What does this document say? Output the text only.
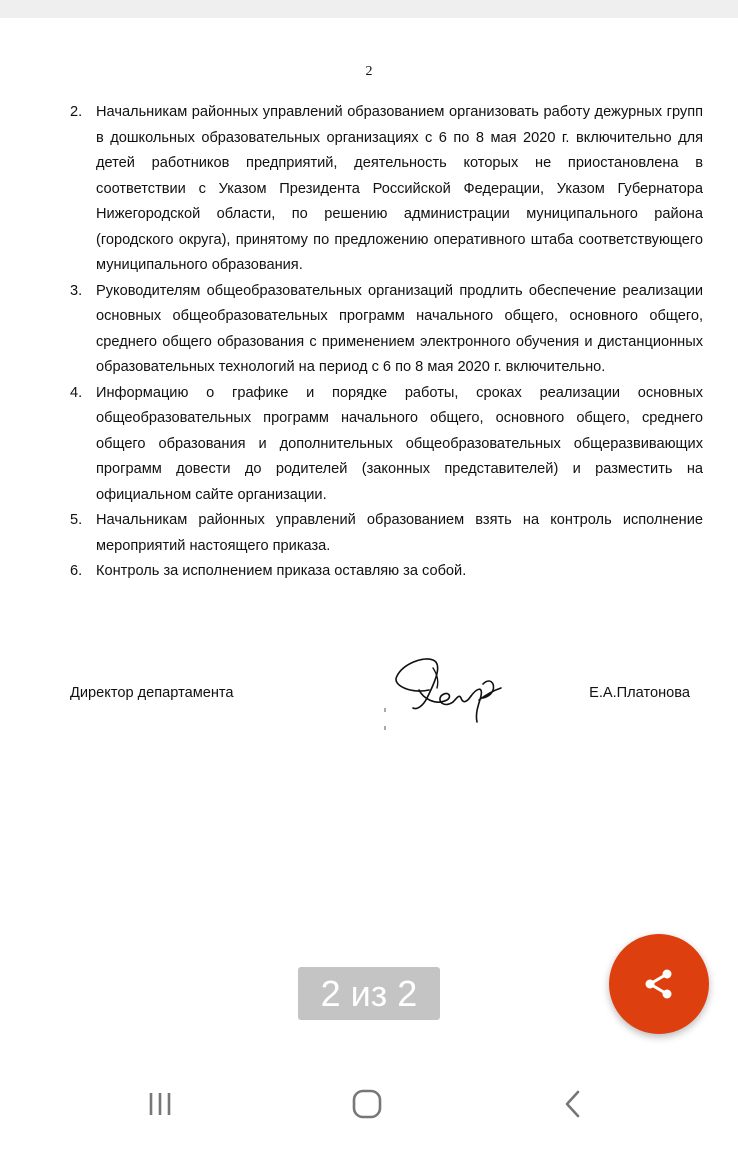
2
2. Начальникам районных управлений образованием организовать работу дежурных групп в дошкольных образовательных организациях с 6 по 8 мая 2020 г. включительно для детей работников предприятий, деятельность которых не приостановлена в соответствии с Указом Президента Российской Федерации, Указом Губернатора Нижегородской области, по решению администрации муниципального района (городского округа), принятому по предложению оперативного штаба соответствующего муниципального образования.
3. Руководителям общеобразовательных организаций продлить обеспечение реализации основных общеобразовательных программ начального общего, основного общего, среднего общего образования с применением электронного обучения и дистанционных образовательных технологий на период с 6 по 8 мая 2020 г. включительно.
4. Информацию о графике и порядке работы, сроках реализации основных общеобразовательных программ начального общего, основного общего, среднего общего образования и дополнительных общеобразовательных общеразвивающих программ довести до родителей (законных представителей) и разместить на официальном сайте организации.
5. Начальникам районных управлений образованием взять на контроль исполнение мероприятий настоящего приказа.
6. Контроль за исполнением приказа оставляю за собой.
Директор департамента	Е.А.Платонова
2 из 2
